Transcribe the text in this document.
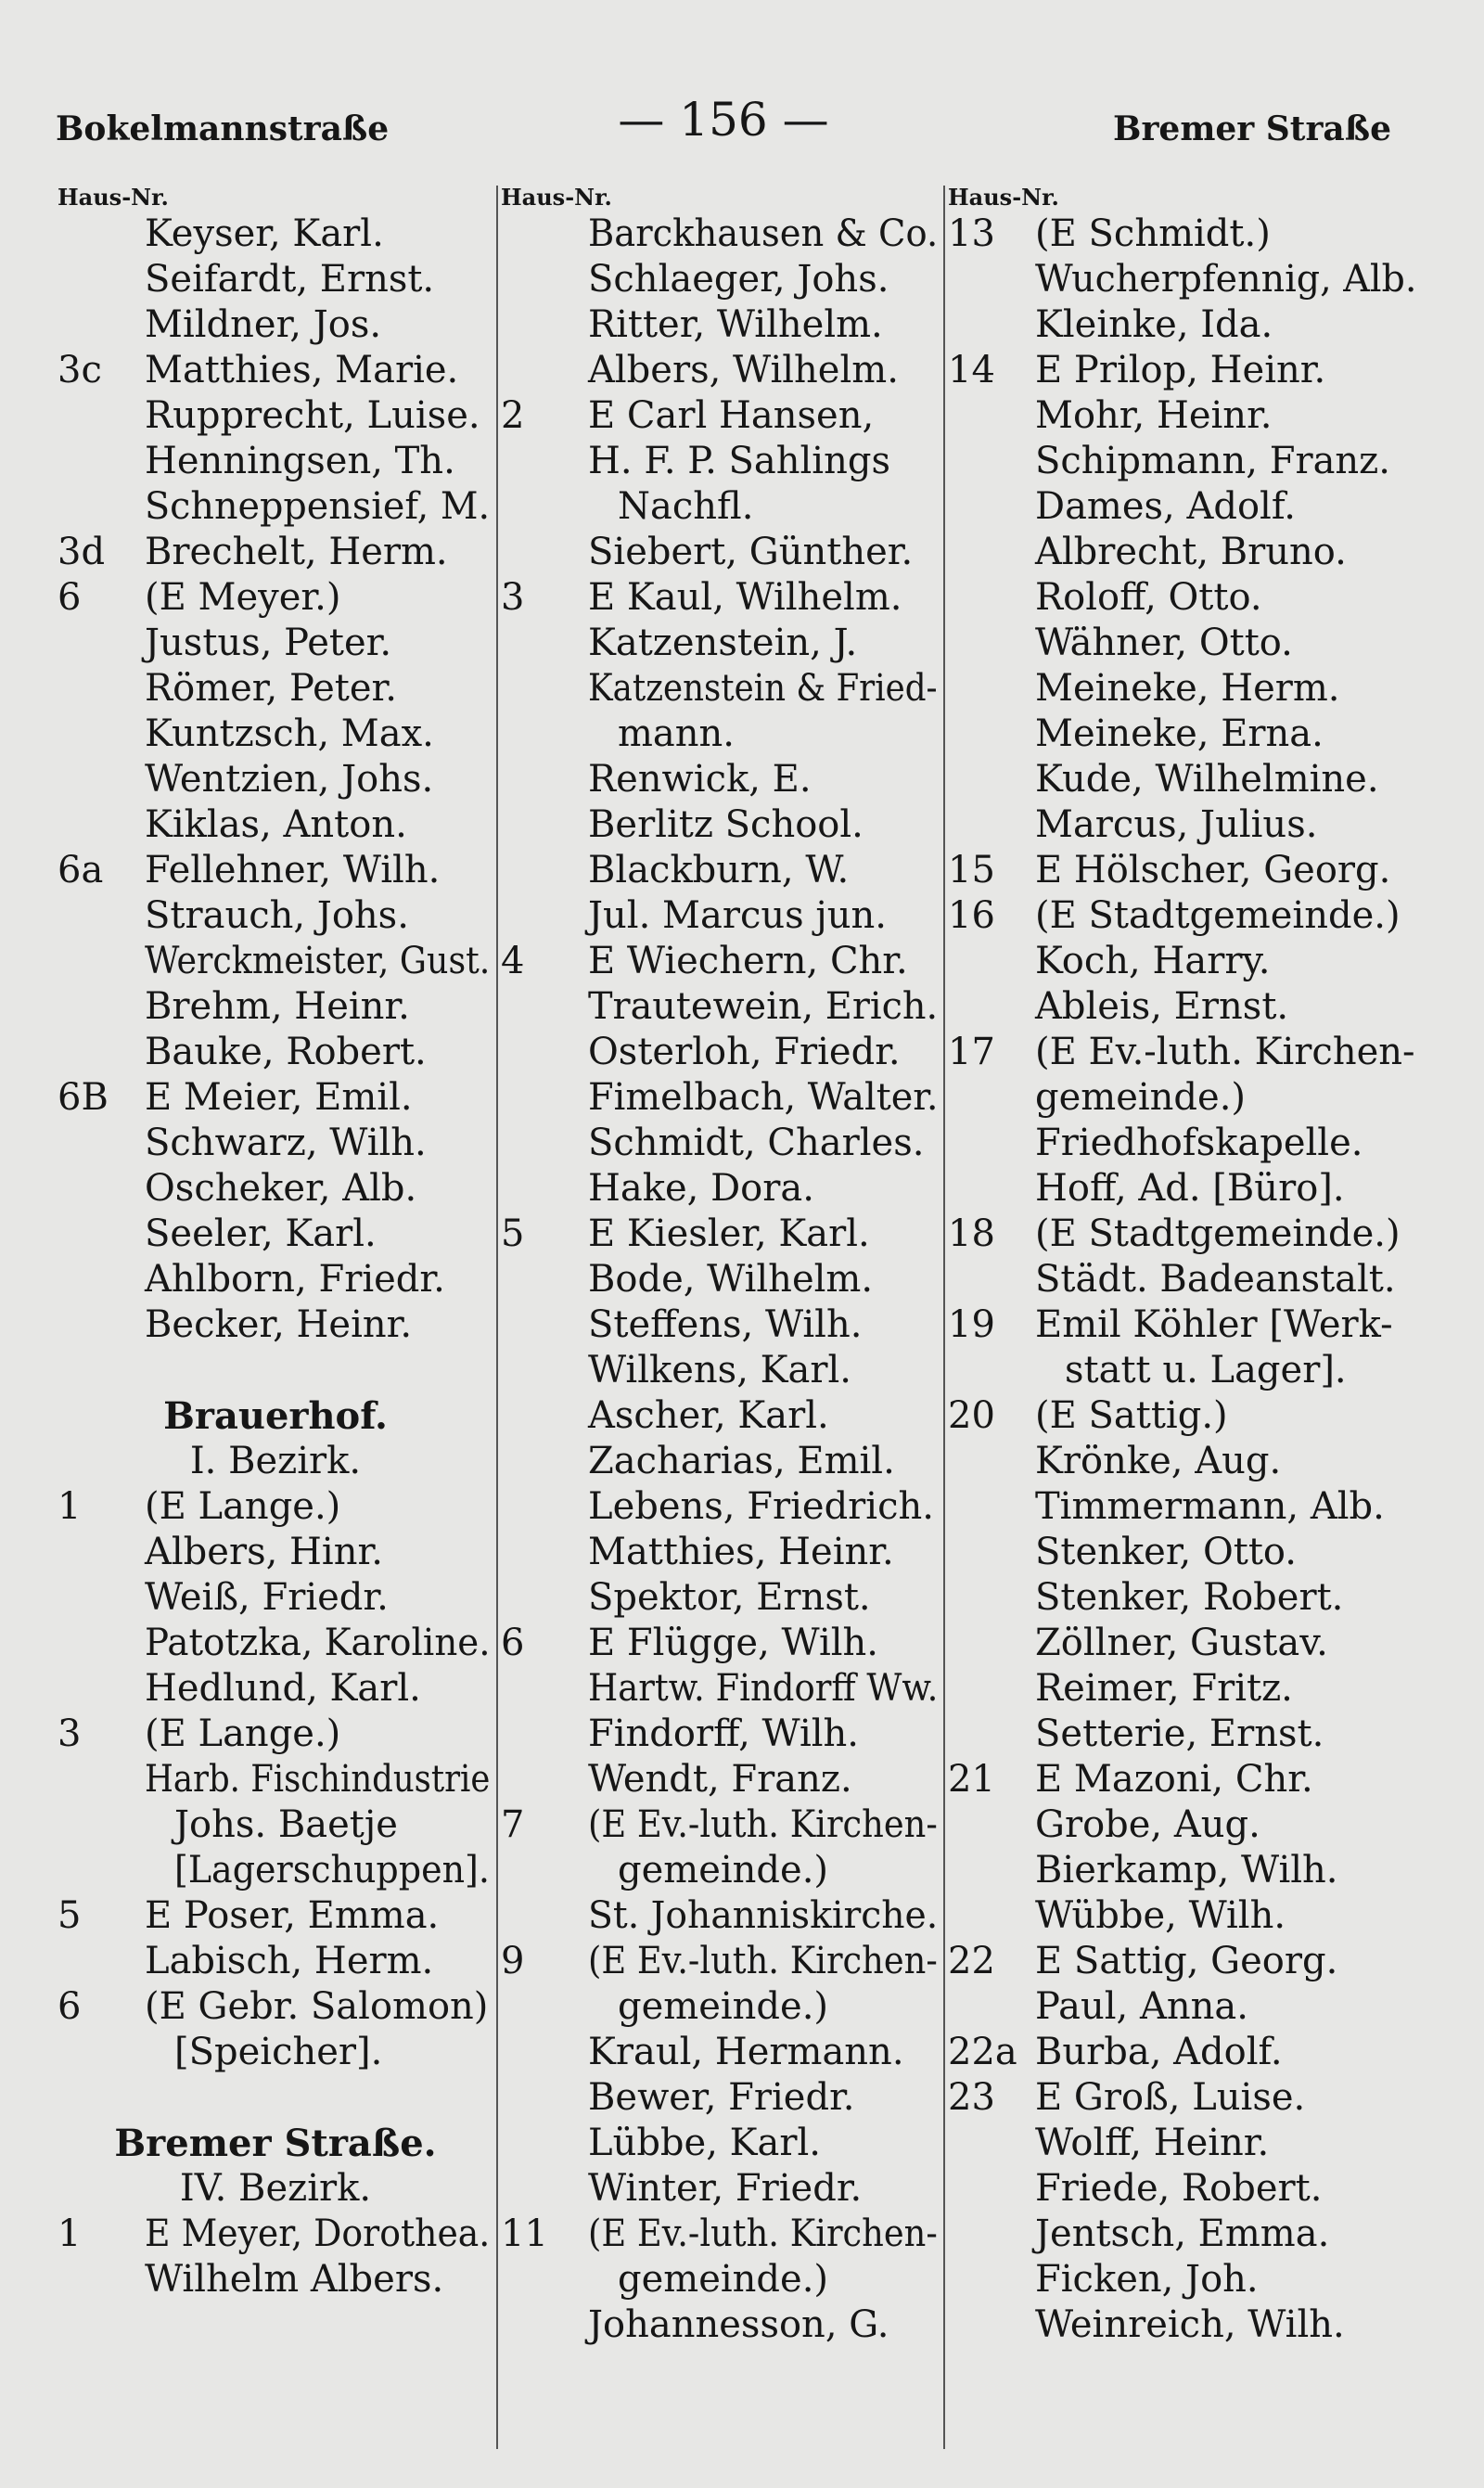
Bokelmannstraße	— 156 —	Bremer Straße
Haus-Nr.
Keyser, Karl.
Seifardt, Ernst.
Mildner, Jos.
3c	Matthies, Marie.
Rupprecht, Luise.
Henningsen, Th.
Schneppensief, M.
3d Brechelt, Herm.
6	(E Meyer.)
Justus, Peter.
Römer, Peter.
Kuntzsch, Max.
Wentzien, Johs.
Kiklas, Anton.
6a	Fellehner, Wilh.
Strauch, Johs.
Werckmeister, Gust.
Brehm, Heinr.
Bauke, Robert.
6B E Meier, Emil.
Schwarz, Wilh.
Oscheker, Alb.
Seeler, Karl.
Ahlborn, Friedr.
Becker, Heinr.
Brauerhof.
I. Bezirk.
1	(E Lange.)
Albers, Hinr.
Weiß, Friedr.
Patotzka, Karoline.
Hedlund, Karl.
3	(E Lange.)
Harb. Fischindustrie
Johs. Baetje
[Lagerschuppen].
5	E Poser, Emma.
Labisch, Herm.
6	(E Gebr. Salomon)
[Speicher].
Bremer Straße.
IV. Bezirk.
1	E Meyer, Dorothea.
Wilhelm Albers.
Haus-Nr.
Barckhausen & Co.
Schlaeger, Johs.
Ritter, Wilhelm.
Albers, Wilhelm.
2	E Carl Hansen,
H. F. P. Sahlings
Nachfl.
Siebert, Günther.
3	E Kaul, Wilhelm.
Katzenstein, J.
Katzenstein & Fried-
mann.
Renwick, E.
Berlitz School.
Blackburn, W.
Jul. Marcus jun.
4	E Wiechern, Chr.
Trautewein, Erich.
Osterloh, Friedr.
Fimelbach, Walter.
Schmidt, Charles.
Hake, Dora.
5	E Kiesler, Karl.
Bode, Wilhelm.
Steffens, Wilh.
Wilkens, Karl.
Ascher, Karl.
Zacharias, Emil.
Lebens, Friedrich.
Matthies, Heinr.
Spektor, Ernst.
6	E Flügge, Wilh.
Hartw. Findorff Ww.
Findorff, Wilh.
Wendt, Franz.
7	(E Ev.-luth. Kirchen-
gemeinde.)
St. Johanniskirche.
9	(E Ev.-luth. Kirchen-
gemeinde.)
Kraul, Hermann.
Bewer, Friedr.
Lübbe, Karl.
Winter, Friedr.
11 (E Ev.-luth. Kirchen-
gemeinde.)
Johannesson, G.
Haus-Nr.
13 (E Schmidt.)
Wucherpfennig, Alb.
Kleinke, Ida.
14 E Prilop, Heinr.
Mohr, Heinr.
Schipmann, Franz.
Dames, Adolf.
Albrecht, Bruno.
Roloff, Otto.
Wähner, Otto.
Meineke, Herm.
Meineke, Erna.
Kude, Wilhelmine.
Marcus, Julius.
15 E Hölscher, Georg.
16 (E Stadtgemeinde.)
Koch, Harry.
Ableis, Ernst.
17 (E Ev.-luth. Kirchen-
gemeinde.)
Friedhofskapelle.
Hoff, Ad. [Büro].
18 (E Stadtgemeinde.)
Städt. Badeanstalt.
19 Emil Köhler [Werk-
statt u. Lager].
20 (E Sattig.)
Krönke, Aug.
Timmermann, Alb.
Stenker, Otto.
Stenker, Robert.
Zöllner, Gustav.
Reimer, Fritz.
Setterie, Ernst.
21 E Mazoni, Chr.
Grobe, Aug.
Bierkamp, Wilh.
Wübbe, Wilh.
22 E Sattig, Georg.
Paul, Anna.
22a Burba, Adolf.
23 E Groß, Luise.
Wolff, Heinr.
Friede, Robert.
Jentsch, Emma.
Ficken, Joh.
Weinreich, Wilh.
